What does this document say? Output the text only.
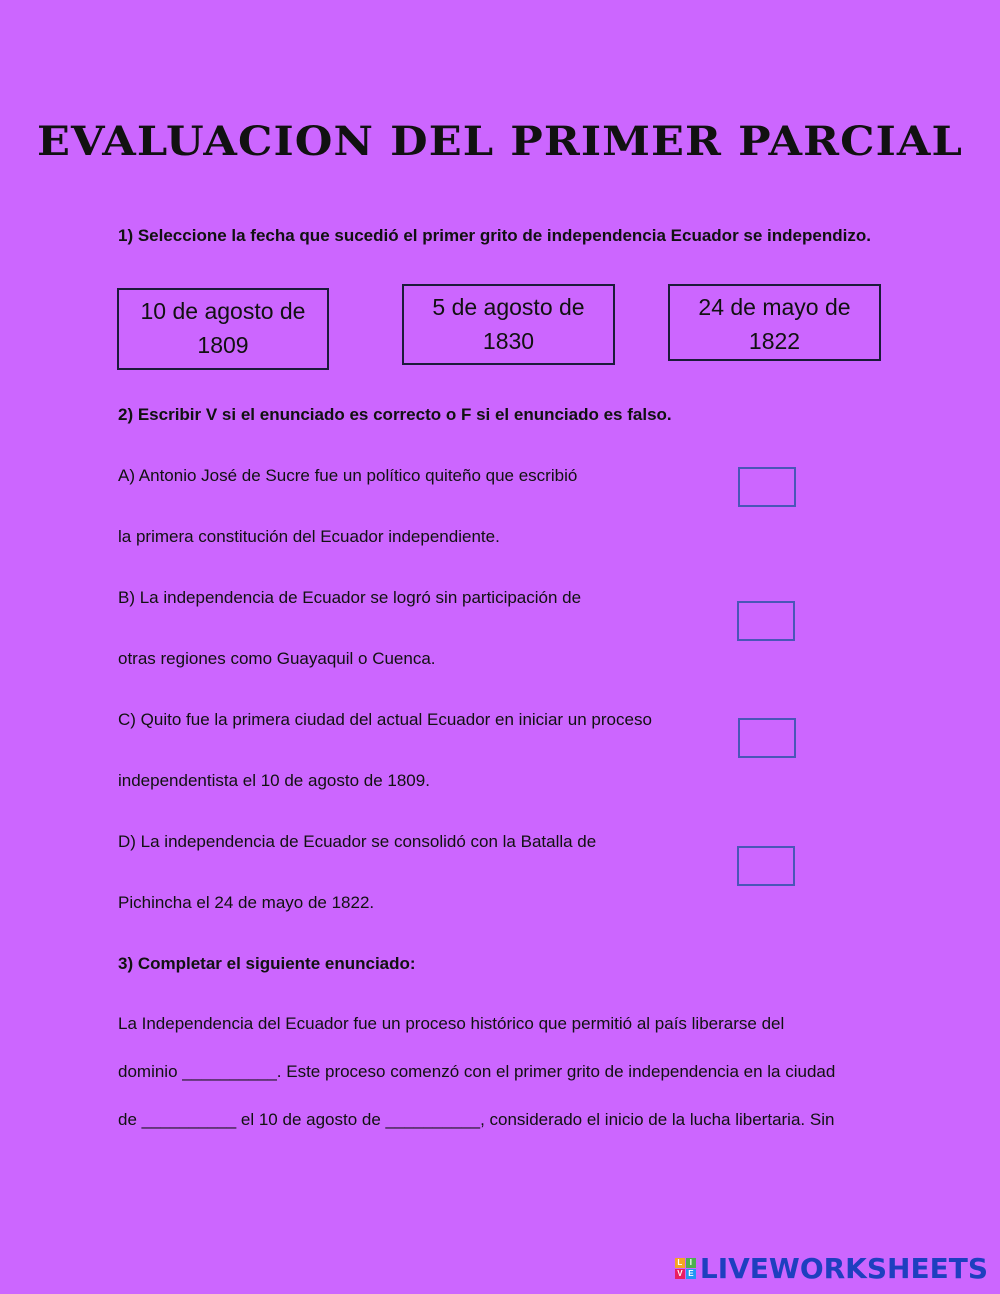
EVALUACION DEL PRIMER PARCIAL
1) Seleccione la fecha que sucedió el primer grito de independencia Ecuador se independizo.
10 de agosto de
1809
5 de agosto de
1830
24 de mayo de
1822
2) Escribir V si el enunciado es correcto o F si el enunciado es falso.
A) Antonio José de Sucre fue un político quiteño que escribió
la primera constitución del Ecuador independiente.
B) La independencia de Ecuador se logró sin participación de
otras regiones como Guayaquil o Cuenca.
C) Quito fue la primera ciudad del actual Ecuador en iniciar un proceso
independentista el 10 de agosto de 1809.
D) La independencia de Ecuador se consolidó con la Batalla de
Pichincha el 24 de mayo de 1822.
3) Completar el siguiente enunciado:
La Independencia del Ecuador fue un proceso histórico que permitió al país liberarse del
dominio __________. Este proceso comenzó con el primer grito de independencia en la ciudad
de __________ el 10 de agosto de __________, considerado el inicio de la lucha libertaria. Sin
L I
V E LIVEWORKSHEETS
